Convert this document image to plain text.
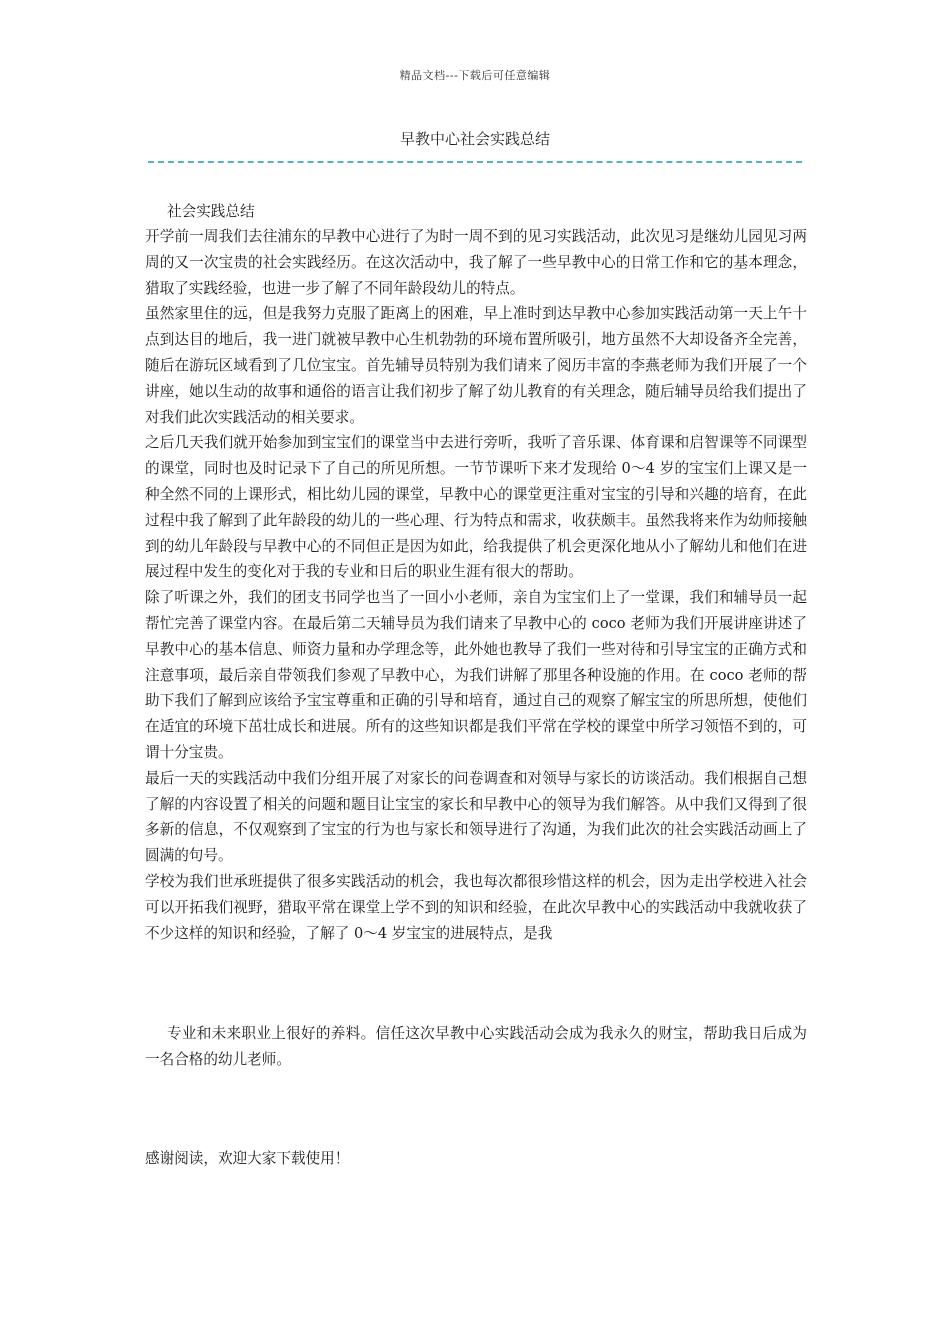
精品文档---下载后可任意编辑
早教中心社会实践总结
社会实践总结

开学前一周我们去往浦东的早教中心进行了为时一周不到的见习实践活动，此次见习是继幼儿园见习两周的又一次宝贵的社会实践经历。在这次活动中，我了解了一些早教中心的日常工作和它的基本理念，猎取了实践经验，也进一步了解了不同年龄段幼儿的特点。

虽然家里住的远，但是我努力克服了距离上的困难，早上准时到达早教中心参加实践活动第一天上午十点到达目的地后，我一进门就被早教中心生机勃勃的环境布置所吸引，地方虽然不大却设备齐全完善，随后在游玩区域看到了几位宝宝。首先辅导员特别为我们请来了阅历丰富的李燕老师为我们开展了一个讲座，她以生动的故事和通俗的语言让我们初步了解了幼儿教育的有关理念，随后辅导员给我们提出了对我们此次实践活动的相关要求。

之后几天我们就开始参加到宝宝们的课堂当中去进行旁听，我听了音乐课、体育课和启智课等不同课型的课堂，同时也及时记录下了自己的所见所想。一节节课听下来才发现给 0～4 岁的宝宝们上课又是一种全然不同的上课形式，相比幼儿园的课堂，早教中心的课堂更注重对宝宝的引导和兴趣的培育，在此过程中我了解到了此年龄段的幼儿的一些心理、行为特点和需求，收获颇丰。虽然我将来作为幼师接触到的幼儿年龄段与早教中心的不同但正是因为如此，给我提供了机会更深化地从小了解幼儿和他们在进展过程中发生的变化对于我的专业和日后的职业生涯有很大的帮助。

除了听课之外，我们的团支书同学也当了一回小小老师，亲自为宝宝们上了一堂课，我们和辅导员一起帮忙完善了课堂内容。在最后第二天辅导员为我们请来了早教中心的 coco 老师为我们开展讲座讲述了早教中心的基本信息、师资力量和办学理念等，此外她也教导了我们一些对待和引导宝宝的正确方式和注意事项，最后亲自带领我们参观了早教中心，为我们讲解了那里各种设施的作用。在 coco 老师的帮助下我们了解到应该给予宝宝尊重和正确的引导和培育，通过自己的观察了解宝宝的所思所想，使他们在适宜的环境下茁壮成长和进展。所有的这些知识都是我们平常在学校的课堂中所学习领悟不到的，可谓十分宝贵。

最后一天的实践活动中我们分组开展了对家长的问卷调查和对领导与家长的访谈活动。我们根据自己想了解的内容设置了相关的问题和题目让宝宝的家长和早教中心的领导为我们解答。从中我们又得到了很多新的信息，不仅观察到了宝宝的行为也与家长和领导进行了沟通，为我们此次的社会实践活动画上了圆满的句号。

学校为我们世承班提供了很多实践活动的机会，我也每次都很珍惜这样的机会，因为走出学校进入社会可以开拓我们视野，猎取平常在课堂上学不到的知识和经验，在此次早教中心的实践活动中我就收获了不少这样的知识和经验，了解了 0～4 岁宝宝的进展特点，是我

专业和未来职业上很好的养料。信任这次早教中心实践活动会成为我永久的财宝，帮助我日后成为一名合格的幼儿老师。

感谢阅读，欢迎大家下载使用！
